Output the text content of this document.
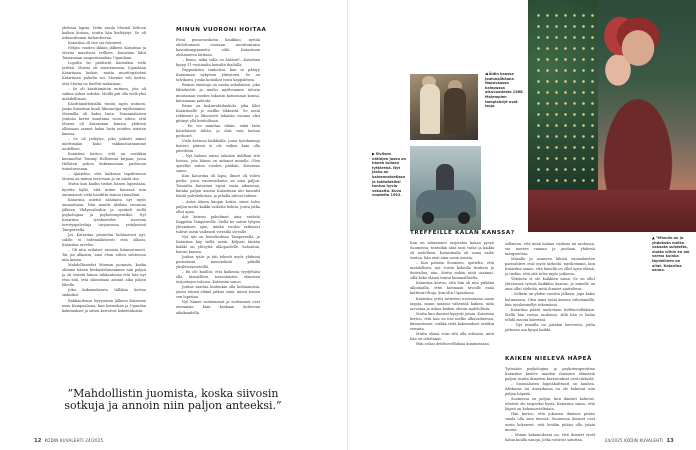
yhdessä lapsia. Yritin saada Mormil holtoon kaiken kotona, mutta hän kieltäytyi. Se oli askonuttonan turhauttavaa.

Katariina oli itse sai ratoineet.

Neljän vuoden ikkuin jälkeen Katariina ja Mormi muuttivat erilleen. Katariina lähti Tansaniaan naapurimaahan Ugandaan.

Lopulta he päättivät kuitenkin vielä yrittää. Mormi oli muuttamassa Ugandaan Katariinan luokse, mutta muuttopäivänä Katariinan puhelin soi. Mormin veli kertoi, että Mormi on kuollut malariaan.

– Se oli käsittämätön uutinen, jota oli vaikea uskoa todeksi. Meillä piti olla vielä yksi mahdollisuus.

Käsittämättömältä tuntui myös uutinen, jonka Katariina kuuli likisanotpa myöhemmin: Mormilla oli kaksi lasta. Tansanialaisen ystävän kertoi muutama vuosi sitten, että Mormi oli Katariinan kanssa yhdessä ollessaan saanut kaksi lasta muiden naisten kanssa.

– Se oli järkytys, joka pakotti minut miettimään koko rakkaustarinamme uudelleen.

Katariina kertoo, että on vasttikin kuunnellut Tommy Hellstenin kirjaan, jossa Hellsten puhuu kokemustaan puolisoon tutustuessaan.

– Ajattelen, että kaikessa tapahtuessa Mormi on minun tarvetaan ja on niistä itse.

Mutta kun kaulin tiedon hänen lapsistaan, kyselin kyllä, että miten hänessä niin ominaisesti vielä haudittu minun rinnallani.

Katariina miettii sahdanta nyt myös ammattiaan. Hän muutti Afrikan vuosinna jälkeen Yhdysvaltoihin ja opiskeli siellä psykologiaa ja psykoterapeutiksi. Nyt Katariina työskentelee nuorena terveyspalveluja tarjoavassa yrityksessä Tampereella.

Jos Katariina jaloitelmi kohtaisivat nyt, sahde ei todennäköisesti eräs alkaisi, Katariina arvelee.

– Oli niin erilaiset asioista kiinnostuneet. Tai jos alkaisin, aina etsin sitten suhteessa niin kauan.

Mahdollisuudet Mormin juomista, koska olimme hänen keskusteluissamme niin paljon ja oli etsintä hänen rakkautensa että hän nyt etsii sitä, että oikeastaan asunut aika paljon lähelle.

Joka kokemuksesta tälläkin kertaa sinkuiksi.

Rakkaudensa löytymisen jälkeen Katariina asuu Kampaalassa, kun heimohan ja Ugandan kokemukset ja sitten kertoivat kokemuksista.

MINUN VUORONI HOITAA

Pieni punavuoskoira haukkuu, nyttää ehdottomasti suoraan muuttuntuisa kasvukumppaneita siltä Katariinan olohuoneen lattiaan.

– Remo, mikä sulla on hätänä?– Katariina kysyy 11-vuotiaalta koiralta ihailulla.

Pappaskoira vanhottui, kun se päätyy Katariinan nykyisen yhteyteen. Se on talvikoira, jonka kotiaikat tunsi kappaleissa.

Remon omistaja on vanha sukulainen, joka lähteköötti ja mielei myöhemmin talosta muutaman vuoden takaisin katsomaan koiraa, katsomaan paluuta.

Remo on kodinvahtilaukolu, joka lähti Katariinalle jo meilko tikkeistä. Se meni rohkeasti ja läheisesti takaisin vuonna olisi pitänyt yllä keittoiltaan.

– En voi muuttaa tähän, enkä laita kotieläimiä tähän, ja olisi vain katsoa perhoset.

Vielä kovassa kaikkialla, jossa työnkantaja koirien päässä ei ole vaikea kuin olla päivittäin.

– Nyt haluan antaa takaisin äidilleni sitä hoivaa, jota hänen on antanut minulle. Olen ajatellut miten vuoden päähän, Katariina sanoo.

Kun Katariina oli lapsi, ilmatt oli vahva perhe, jossa vuorovaikutus on aina paljon. Toisaalta Katariina tajusi vasta aikuisena, kuinka paljon asioita Katariinan äiti kasvatti häntä palvelukoissa, ja pihalla tulivat tukena.

– Autot äänen kaupin kotiin, sinne tulee paljon meitä kaikki vaikeita kohtia, joista jatka ollut apua.

Äiti kaiessi puhelimet aina eräästä Kappelin Tampereelle. Siellä he saivat lyhyen yhtenäisen ajan, minkä vuoksi ratkaisut tulivat usein vaikeasti vierailla olevalle.

Nyt äiti on hoivakodissa Tampereella, ja Katariina käy siellä usein. Kelpasi tänään kaikki on yhteyttä ulkopuolelle, hotsailua, koiran kanssa.

Joskus tytär ja äiti tekivät myös yhdessä perinteisiä menetelmiä pitkillä yksilöviraatoteillä.

– En ole kuullut, että kaikessa tyydyttäisi olla täsmälleen toisenlaisten elämisen tarjontojen valossa. Katariina sanoo.

Joskus saattaa kuitenkin olla kohtaamisia, joissa toinen elämä jatkuu siinä, missä toinen sen lopettaa.

Nyt hänen vanhemmat ja molemmat ovat enemmän kuin koskaan kohteena aikakaudella.

”Mahdollistin juomista, koska siivosin sotkuja ja annoin niin paljon anteeksi.”
12 KODIN KUVALEHTI 24/2025
◀Äidin kanssa joulunaiikkana Napovaassa kainpussa alkuvuodesta 1988. Molempien tamplahdyt ovat isoja.
▶Siviisen nätinjen Jaska on hänen tollaan tyttärenä. Nyt Jaska on kaivonnaisetissa ja tahtotakiksi tuntuu hyvin vakaalta. Kuva vuodelta 1992.
▲”Minulla on jo yhdeksän melko vakaata suhdetta, mutta niihin en ole varma kuinka täydellinen on ollut. Katariina sanoo.
TREFFEILLE KALAN KANSSA?

Kun en rakastanut tarpeeksi kauan pysyä Suomessa, tuntuikin aina uusi vaihe ja kaikki oli uudelleen. Katariinalla oli sama vaihe tuntua, hän etsii aina uusia asioita.

– Kun palasin Suomeen, ajattelin, että mahdollista, nyt voisin kokeilla tinderia ja deittailua, niin. Mutta enhän niitä osannut, sillä koko elämä tuntui kummalliselta.

Katariina kertoo, että hän oli niin pitkään ulkomailla, ettei kotimaan tavoille enää kulttuuri-iltoja, kun olin Ugandassa.

Katariina yritti tuttavien neuvomana uusia tapoja, muun muassa vähentää kaiken, mitä arvostaa ja uskoa kaiken olevan mahdollista.

Mutta kun ihmiset kysyvät jotain, Katariina kertoo, että hän on itse melko alkuvaiheessa, kiinnostunut, vaikka vielä kokemukset ovatkin vieraita.

Mutta elämä voisi silti olla erilaista, mitä hän on odottanut.

Hän selasi deittisovelluksia kummissaan.

sellainen, että minä haluan vuokraa tai rauhassa, vie merten rannan ja juodaan yhdessä margarettaa.

Musalla ja asuneen lähteä suomalaisten parisuhteet ovat myös tärkeitä, myöhemmin, kun Katariina sanoo, että hänellä on ollut upea elämä, ja tiedän, että sitä tulee myös jatkossa.

Yhteinen ei ole kaikkien sama. Se on ollut yhteisessä työssä kaikkien kanssa, ja minulle on aina ollut tärkeää, mitä ihmiset ajattelevat.

– Selkein on yhden vuoden jälkeen, jopa kaksi kotimaassa. Olen minä työni kanssa vähemmällä, kun työskennellyt tekemässä.

Katariina päätti uudestaan treffisovelluksiin. Siellä hän vastaa rauhassa, sillä hän ei halua tehdä asioita kiireessä.

– Nyt minulla on joitakin kavereita, joilta jatkossa saa kysyä kaikki.

KAIKEN NIELEVÄ HÄPEÄ

Työssään psykologina ja psykoterapeuttina Katariina kuulee muiden ihmisten elämästä paljon, mutta ihmisten kertomukset ovat tärkeitä.

– Suomalaisen häpeäkulttuuri on kauhea. Afrikassa tai Amerikassa en ole kokenut niin paljon häpeää.

Suomessa on paljon, kun ihmiset kokevat, etteivät ole tarpeeksi hyviä. Katariina sanoo, että häpeä on kokonaisvaltaista.

Hän kertoo, että jokaisen ihmisen pitäisi saada olla oma itsensä. Suomessa ihmiset ovat usein kokeneet, että heidän pitäisi olla jotain muuta.

– Minun kokemukseni on, että ihmiset eivät halua kuulla sanoja, jotka voisivat satuttaa.	24/2025 KODIN KUVALEHTI 13
